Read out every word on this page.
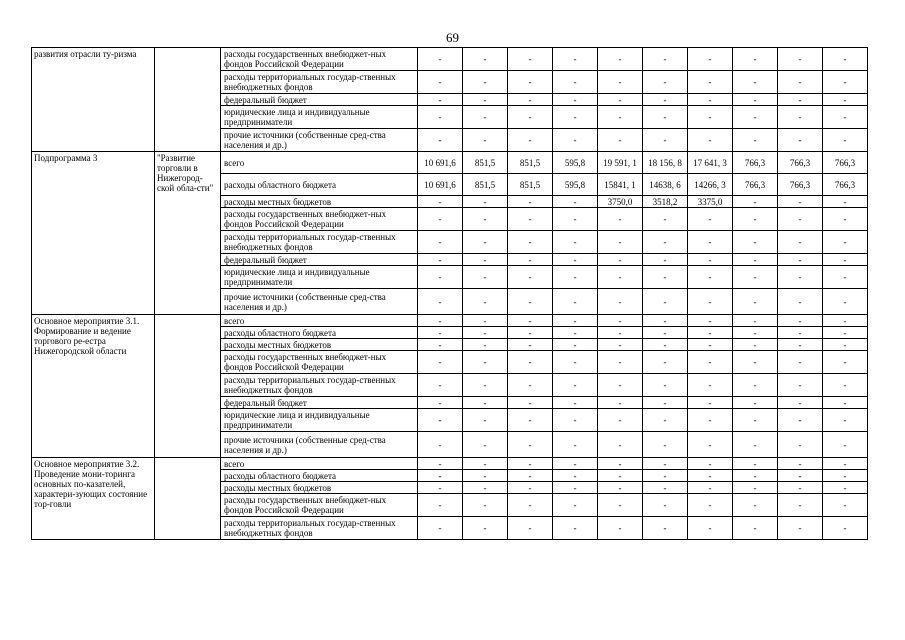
69
развития отрасли ту-ризма		расходы государственных внебюджет-ных фондов Российской Федерации	-	-	-	-	-	-	-	-	-	-
		расходы территориальных государ-ственных внебюджетных фондов	-	-	-	-	-	-	-	-	-	-
		федеральный бюджет	-	-	-	-	-	-	-	-	-	-
		юридические лица и индивидуальные предприниматели	-	-	-	-	-	-	-	-	-	-
		прочие источники (собственные сред-ства населения и др.)	-	-	-	-	-	-	-	-	-	-
Подпрограмма 3	"Развитие торговли в Нижегород-ской обла-сти"	всего	10 691,6	851,5	851,5	595,8	19 591, 1	18 156, 8	17 641, 3	766,3	766,3	766,3
		расходы областного бюджета	10 691,6	851,5	851,5	595,8	15841, 1	14638, 6	14266, 3	766,3	766,3	766,3
		расходы местных бюджетов	-	-	-	-	3750,0	3518,2	3375,0	-	-	-
		расходы государственных внебюджет-ных фондов Российской Федерации	-	-	-	-	-	-	-	-	-	-
		расходы территориальных государ-ственных внебюджетных фондов	-	-	-	-	-	-	-	-	-	-
		федеральный бюджет	-	-	-	-	-	-	-	-	-	-
		юридические лица и индивидуальные предприниматели	-	-	-	-	-	-	-	-	-	-
		прочие источники (собственные сред-ства населения и др.)	-	-	-	-	-	-	-	-	-	-
Основное мероприятие 3.1. Формирование и ведение торгового ре-естра Нижегородской области		всего	-	-	-	-	-	-	-	-	-	-
		расходы областного бюджета	-	-	-	-	-	-	-	-	-	-
		расходы местных бюджетов	-	-	-	-	-	-	-	-	-	-
		расходы государственных внебюджет-ных фондов Российской Федерации	-	-	-	-	-	-	-	-	-	-
		расходы территориальных государ-ственных внебюджетных фондов	-	-	-	-	-	-	-	-	-	-
		федеральный бюджет	-	-	-	-	-	-	-	-	-	-
		юридические лица и индивидуальные предприниматели	-	-	-	-	-	-	-	-	-	-
		прочие источники (собственные сред-ства населения и др.)	-	-	-	-	-	-	-	-	-	-
Основное мероприятие 3.2. Проведение мони-торинга основных по-казателей, характери-зующих состояние тор-говли		всего	-	-	-	-	-	-	-	-	-	-
		расходы областного бюджета	-	-	-	-	-	-	-	-	-	-
		расходы местных бюджетов	-	-	-	-	-	-	-	-	-	-
		расходы государственных внебюджет-ных фондов Российской Федерации	-	-	-	-	-	-	-	-	-	-
		расходы территориальных государ-ственных внебюджетных фондов	-	-	-	-	-	-	-	-	-	-
